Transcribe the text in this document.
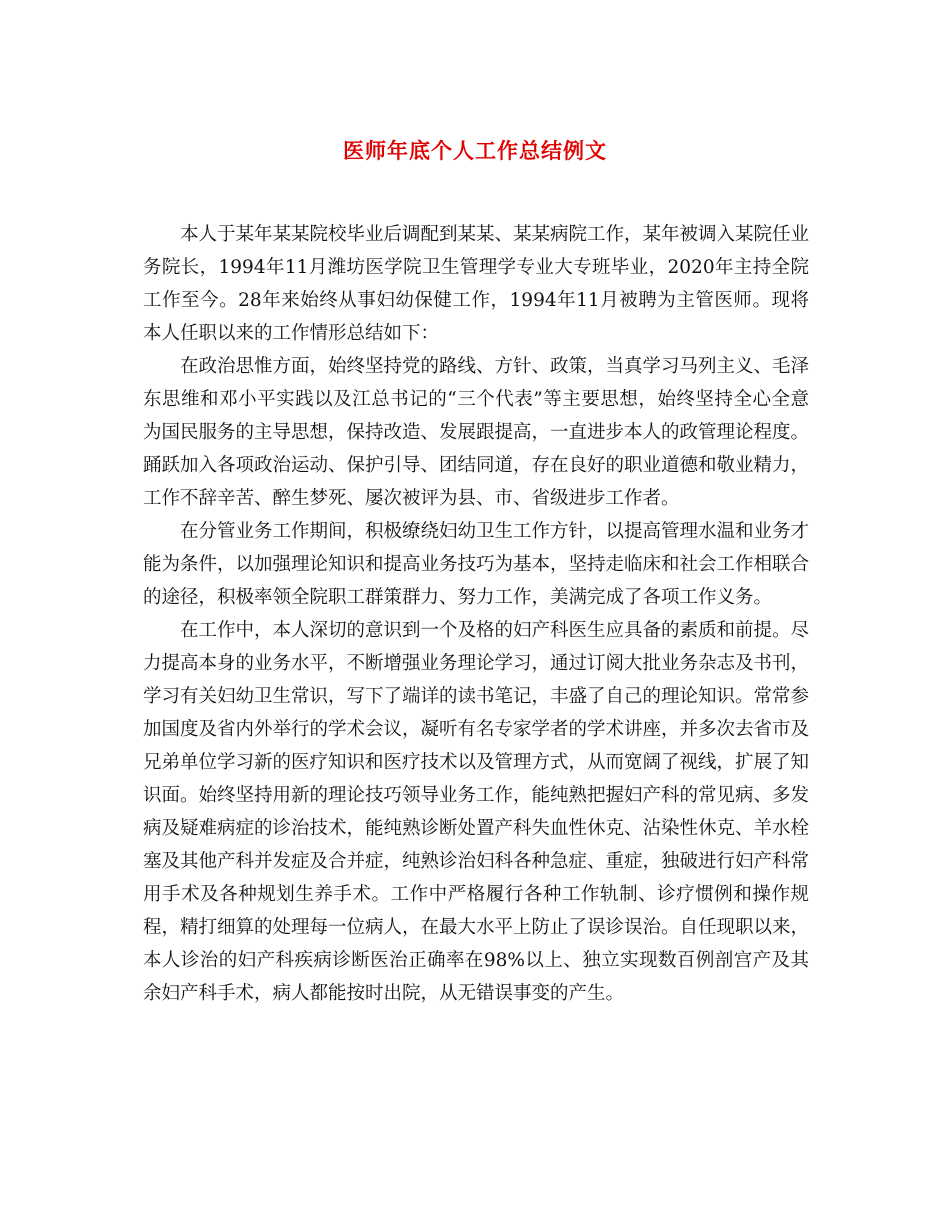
医师年底个人工作总结例文

本人于某年某某院校毕业后调配到某某、某某病院工作，某年被调入某院任业务院长，1994年11月潍坊医学院卫生管理学专业大专班毕业，2020年主持全院工作至今。28年来始终从事妇幼保健工作，1994年11月被聘为主管医师。现将本人任职以来的工作情形总结如下：

在政治思惟方面，始终坚持党的路线、方针、政策，当真学习马列主义、毛泽东思维和邓小平实践以及江总书记的“三个代表”等主要思想，始终坚持全心全意为国民服务的主导思想，保持改造、发展跟提高，一直进步本人的政管理论程度。踊跃加入各项政治运动、保护引导、团结同道，存在良好的职业道德和敬业精力，工作不辞辛苦、醉生梦死、屡次被评为县、市、省级进步工作者。

在分管业务工作期间，积极缭绕妇幼卫生工作方针，以提高管理水温和业务才能为条件，以加强理论知识和提高业务技巧为基本，坚持走临床和社会工作相联合的途径，积极率领全院职工群策群力、努力工作，美满完成了各项工作义务。

在工作中，本人深切的意识到一个及格的妇产科医生应具备的素质和前提。尽力提高本身的业务水平，不断增强业务理论学习，通过订阅大批业务杂志及书刊，学习有关妇幼卫生常识，写下了端详的读书笔记，丰盛了自己的理论知识。常常参加国度及省内外举行的学术会议，凝听有名专家学者的学术讲座，并多次去省市及兄弟单位学习新的医疗知识和医疗技术以及管理方式，从而宽阔了视线，扩展了知识面。始终坚持用新的理论技巧领导业务工作，能纯熟把握妇产科的常见病、多发病及疑难病症的诊治技术，能纯熟诊断处置产科失血性休克、沾染性休克、羊水栓塞及其他产科并发症及合并症，纯熟诊治妇科各种急症、重症，独破进行妇产科常用手术及各种规划生养手术。工作中严格履行各种工作轨制、诊疗惯例和操作规程，精打细算的处理每一位病人，在最大水平上防止了误诊误治。自任现职以来，本人诊治的妇产科疾病诊断医治正确率在98%以上、独立实现数百例剖宫产及其余妇产科手术，病人都能按时出院，从无错误事变的产生。
